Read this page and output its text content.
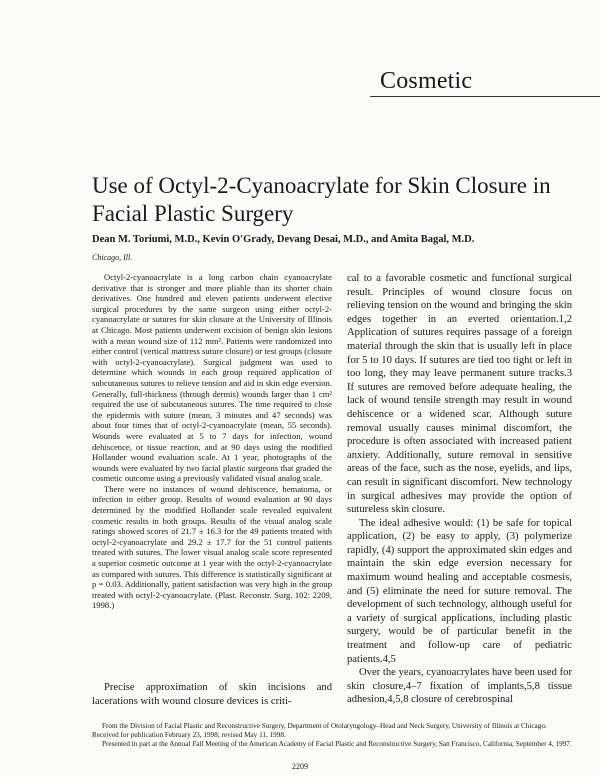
Cosmetic
Use of Octyl-2-Cyanoacrylate for Skin Closure in Facial Plastic Surgery
Dean M. Toriumi, M.D., Kevin O'Grady, Devang Desai, M.D., and Amita Bagal, M.D.
Chicago, Ill.

Octyl-2-cyanoacrylate is a long carbon chain cyanoacrylate derivative that is stronger and more pliable than its shorter chain derivatives. One hundred and eleven patients underwent elective surgical procedures by the same surgeon using either octyl-2-cyanoacrylate or sutures for skin closure at the University of Illinois at Chicago. Most patients underwent excision of benign skin lesions with a mean wound size of 112 mm². Patients were randomized into either control (vertical mattress suture closure) or test groups (closure with octyl-2-cyanoacrylate). Surgical judgment was used to determine which wounds in each group required application of subcutaneous sutures to relieve tension and aid in skin edge eversion. Generally, full-thickness (through dermis) wounds larger than 1 cm² required the use of subcutaneous sutures. The time required to close the epidermis with suture (mean, 3 minutes and 47 seconds) was about four times that of octyl-2-cyanoacrylate (mean, 55 seconds). Wounds were evaluated at 5 to 7 days for infection, wound dehiscence, or tissue reaction, and at 90 days using the modified Hollander wound evaluation scale. At 1 year, photographs of the wounds were evaluated by two facial plastic surgeons that graded the cosmetic outcome using a previously validated visual analog scale.

There were no instances of wound dehiscence, hematoma, or infection in either group. Results of wound evaluation at 90 days determined by the modified Hollander scale revealed equivalent cosmetic results in both groups. Results of the visual analog scale ratings showed scores of 21.7 ± 16.3 for the 49 patients treated with octyl-2-cyanoacrylate and 29.2 ± 17.7 for the 51 control patients treated with sutures. The lower visual analog scale score represented a superior cosmetic outcome at 1 year with the octyl-2-cyanoacrylate as compared with sutures. This difference is statistically significant at p = 0.03. Additionally, patient satisfaction was very high in the group treated with octyl-2-cyanoacrylate. (Plast. Reconstr. Surg. 102: 2209, 1998.)

Precise approximation of skin incisions and lacerations with wound closure devices is criti-

cal to a favorable cosmetic and functional surgical result. Principles of wound closure focus on relieving tension on the wound and bringing the skin edges together in an everted orientation.1,2 Application of sutures requires passage of a foreign material through the skin that is usually left in place for 5 to 10 days. If sutures are tied too tight or left in too long, they may leave permanent suture tracks.3 If sutures are removed before adequate healing, the lack of wound tensile strength may result in wound dehiscence or a widened scar. Although suture removal usually causes minimal discomfort, the procedure is often associated with increased patient anxiety. Additionally, suture removal in sensitive areas of the face, such as the nose, eyelids, and lips, can result in significant discomfort. New technology in surgical adhesives may provide the option of sutureless skin closure.

The ideal adhesive would: (1) be safe for topical application, (2) be easy to apply, (3) polymerize rapidly, (4) support the approximated skin edges and maintain the skin edge eversion necessary for maximum wound healing and acceptable cosmesis, and (5) eliminate the need for suture removal. The development of such technology, although useful for a variety of surgical applications, including plastic surgery, would be of particular benefit in the treatment and follow-up care of pediatric patients.4,5

Over the years, cyanoacrylates have been used for skin closure,4–7 fixation of implants,5,8 tissue adhesion,4,5,8 closure of cerebrospinal

From the Division of Facial Plastic and Reconstructive Surgery, Department of Otolaryngology–Head and Neck Surgery, University of Illinois at Chicago. Received for publication February 23, 1998; revised May 11, 1998.

Presented in part at the Annual Fall Meeting of the American Academy of Facial Plastic and Reconstructive Surgery, San Francisco, California, September 4, 1997.

2209
